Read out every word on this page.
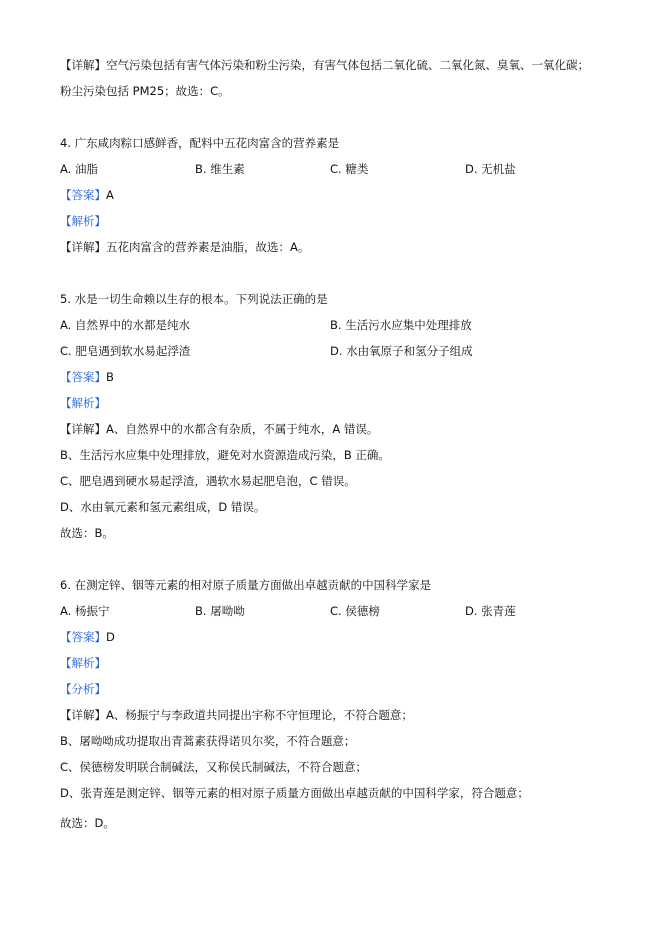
【详解】空气污染包括有害气体污染和粉尘污染，有害气体包括二氧化硫、二氧化氮、臭氧、一氧化碳；
粉尘污染包括 PM25；故选：C。
4. 广东咸肉粽口感鲜香，配料中五花肉富含的营养素是
A. 油脂	B. 维生素	C. 糖类	D. 无机盐
【答案】A
【解析】
【详解】五花肉富含的营养素是油脂，故选：A。
5. 水是一切生命赖以生存的根本。下列说法正确的是
A. 自然界中的水都是纯水	B. 生活污水应集中处理排放
C. 肥皂遇到软水易起浮渣	D. 水由氧原子和氢分子组成
【答案】B
【解析】
【详解】A、自然界中的水都含有杂质，不属于纯水，A 错误。
B、生活污水应集中处理排放，避免对水资源造成污染，B 正确。
C、肥皂遇到硬水易起浮渣，遇软水易起肥皂泡，C 错误。
D、水由氧元素和氢元素组成，D 错误。
故选：B。
6. 在测定锌、铟等元素的相对原子质量方面做出卓越贡献的中国科学家是
A. 杨振宁	B. 屠呦呦	C. 侯德榜	D. 张青莲
【答案】D
【解析】
【分析】
【详解】A、杨振宁与李政道共同提出宇称不守恒理论，不符合题意；
B、屠呦呦成功提取出青蒿素获得诺贝尔奖，不符合题意；
C、侯德榜发明联合制碱法，又称侯氏制碱法，不符合题意；
D、张青莲是测定锌、铟等元素的相对原子质量方面做出卓越贡献的中国科学家，符合题意；
故选：D。
